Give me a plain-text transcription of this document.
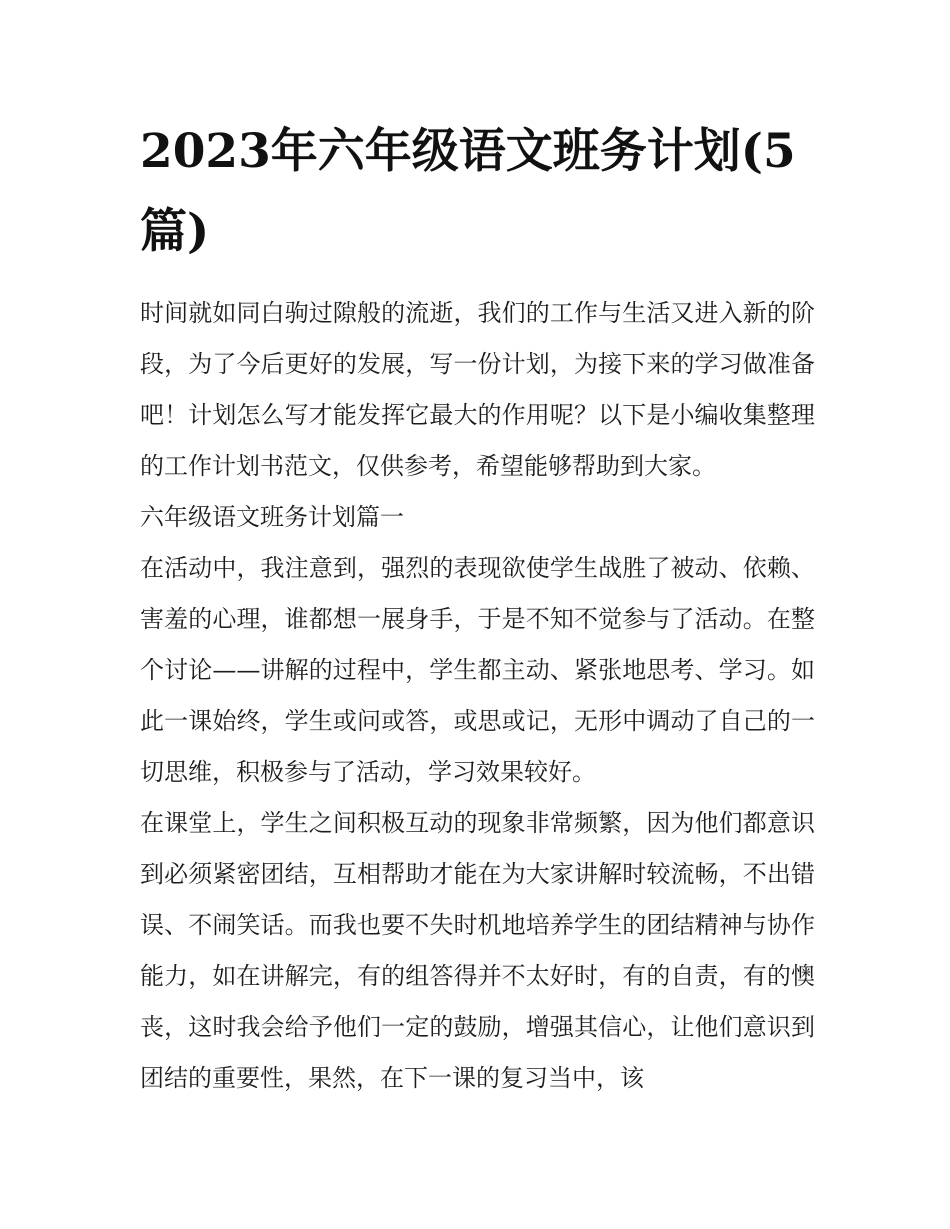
2023年六年级语文班务计划(5篇)

时间就如同白驹过隙般的流逝，我们的工作与生活又进入新的阶段，为了今后更好的发展，写一份计划，为接下来的学习做准备吧！计划怎么写才能发挥它最大的作用呢？以下是小编收集整理的工作计划书范文，仅供参考，希望能够帮助到大家。

六年级语文班务计划篇一

在活动中，我注意到，强烈的表现欲使学生战胜了被动、依赖、害羞的心理，谁都想一展身手，于是不知不觉参与了活动。在整个讨论——讲解的过程中，学生都主动、紧张地思考、学习。如此一课始终，学生或问或答，或思或记，无形中调动了自己的一切思维，积极参与了活动，学习效果较好。

在课堂上，学生之间积极互动的现象非常频繁，因为他们都意识到必须紧密团结，互相帮助才能在为大家讲解时较流畅，不出错误、不闹笑话。而我也要不失时机地培养学生的团结精神与协作能力，如在讲解完，有的组答得并不太好时，有的自责，有的懊丧，这时我会给予他们一定的鼓励，增强其信心，让他们意识到团结的重要性，果然，在下一课的复习当中，该
